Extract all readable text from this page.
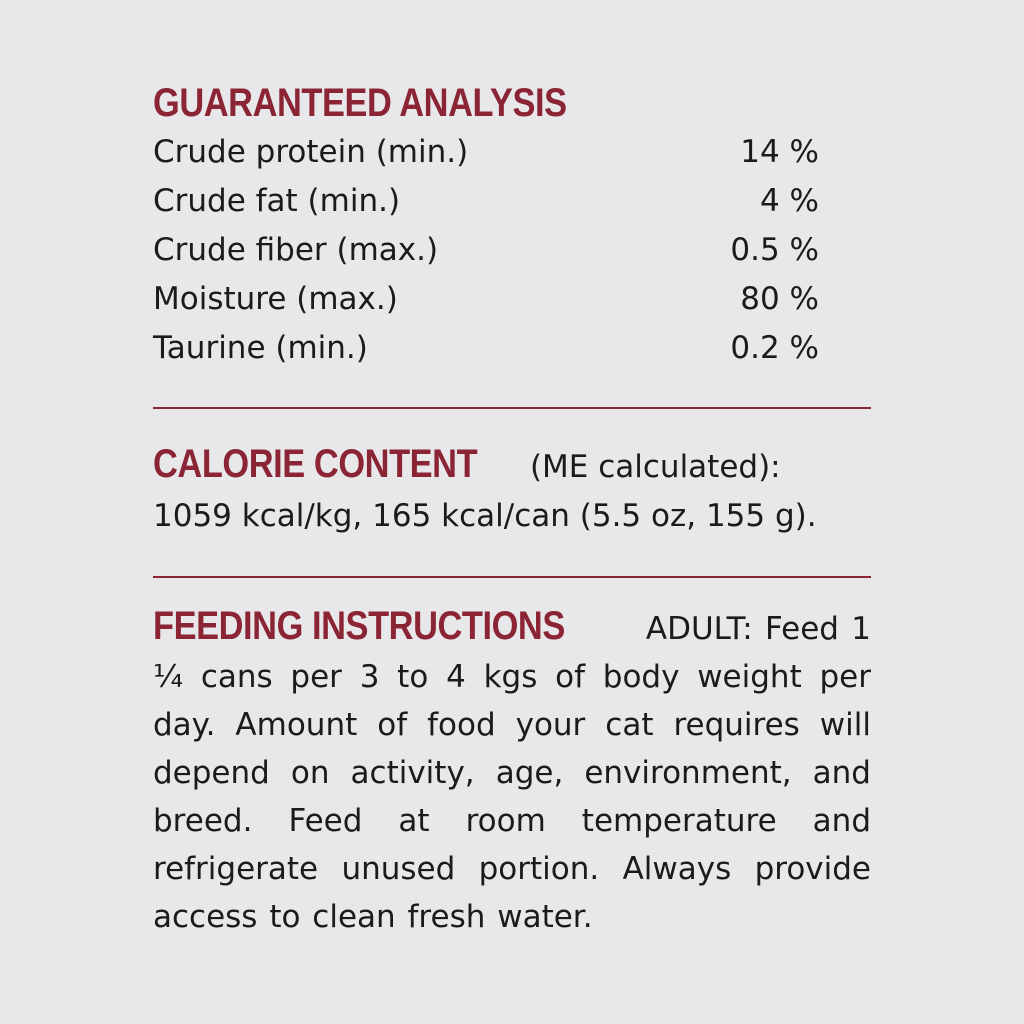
GUARANTEED ANALYSIS
Crude protein (min.)	14 %
Crude fat (min.)	4 %
Crude fiber (max.)	0.5 %
Moisture (max.)	80 %
Taurine (min.)	0.2 %
CALORIE CONTENT (ME calculated):
1059 kcal/kg, 165 kcal/can (5.5 oz, 155 g).
FEEDING INSTRUCTIONS	ADULT: Feed 1 ¼ cans per 3 to 4 kgs of body weight per day. Amount of food your cat requires will depend on activity, age, environment, and breed. Feed at room temperature and refrigerate unused portion. Always provide access to clean fresh water.
